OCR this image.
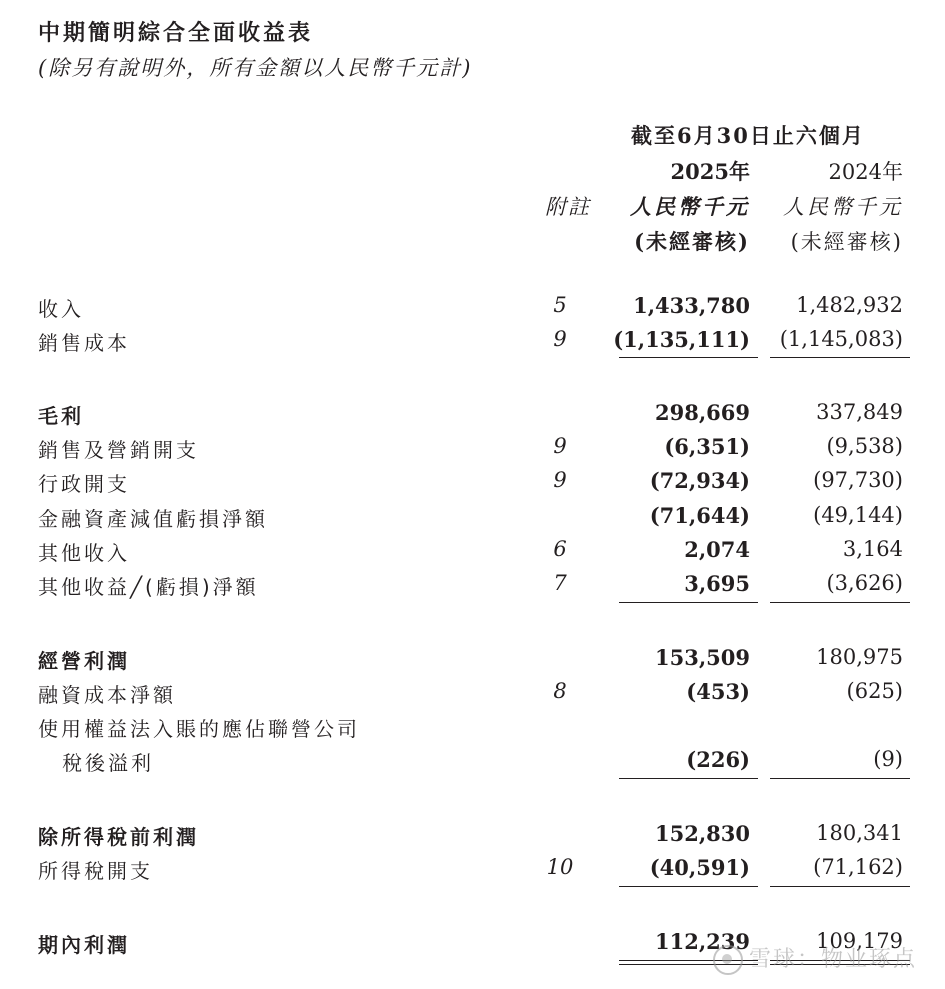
中期簡明綜合全面收益表
(除另有說明外，所有金額以人民幣千元計)
截至6月30日止六個月
2025年	2024年
附註 人民幣千元 人民幣千元
(未經審核) (未經審核)
收入	5	1,433,780 1,482,932
銷售成本	9	(1,135,111) (1,145,083)
毛利	298,669	337,849
銷售及營銷開支	9	(6,351)	(9,538)
行政開支	9	(72,934)	(97,730)
金融資產減值虧損淨額	(71,644)	(49,144)
其他收入	6	2,074	3,164
其他收益╱(虧損)淨額	7	3,695	(3,626)
經營利潤	153,509	180,975
融資成本淨額	8	(453)	(625)
使用權益法入賬的應佔聯營公司
稅後溢利	(226)	(9)
除所得稅前利潤	152,830	180,341
所得稅開支	10	(40,591)	(71,162)
期內利潤	112,239	109,179
雪球：物业琢点
